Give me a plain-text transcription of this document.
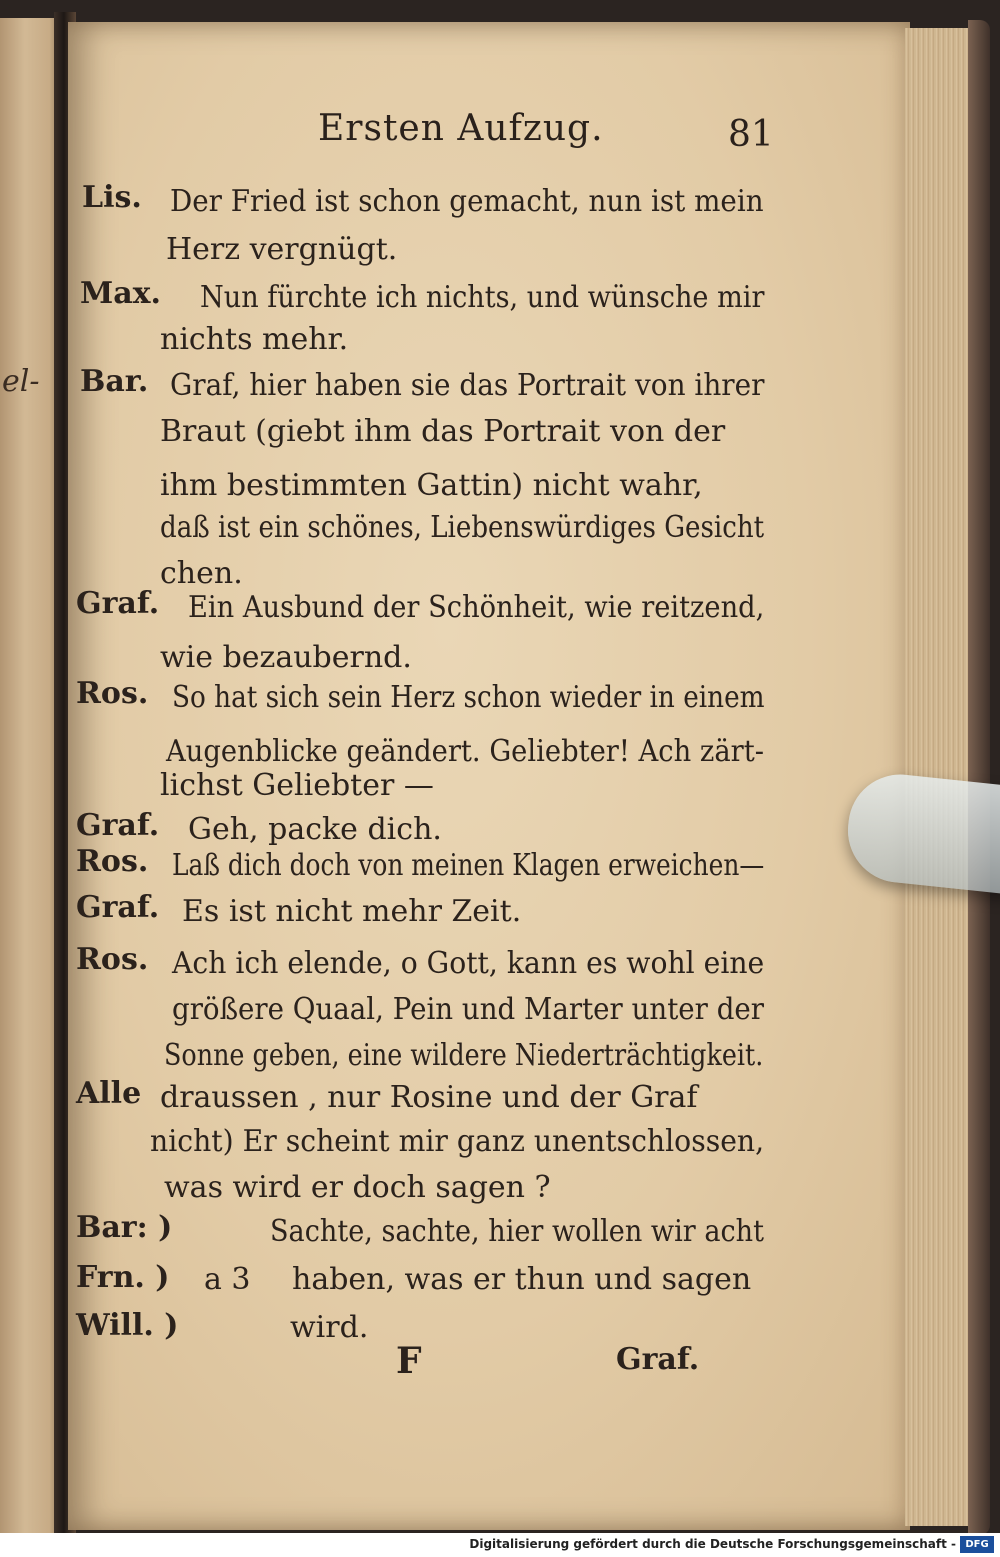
el-
Ersten Aufzug.	81
Lis. Der Fried ist schon gemacht, nun ist mein
Herz vergnügt.
Max. Nun fürchte ich nichts, und wünsche mir
nichts mehr.
Bar. Graf, hier haben sie das Portrait von ihrer
Braut (giebt ihm das Portrait von der
ihm bestimmten Gattin) nicht wahr,
daß ist ein schönes, Liebenswürdiges Gesicht
chen.
Graf. Ein Ausbund der Schönheit, wie reitzend,
wie bezaubernd.
Ros. So hat sich sein Herz schon wieder in einem
Augenblicke geändert. Geliebter! Ach zärt-
lichst Geliebter —
Graf. Geh, packe dich.
Ros. Laß dich doch von meinen Klagen erweichen—
Graf. Es ist nicht mehr Zeit.
Ros. Ach ich elende, o Gott, kann es wohl eine
größere Quaal, Pein und Marter unter der
Sonne geben, eine wildere Niederträchtigkeit.
Alle draussen , nur Rosine und der Graf
nicht) Er scheint mir ganz unentschlossen,
was wird er doch sagen ?
Bar: )
Frn. )
Will. )
a 3
Sachte, sachte, hier wollen wir acht
haben, was er thun und sagen
wird.
F	Graf.
Digitalisierung gefördert durch die Deutsche Forschungsgemeinschaft - DFG
